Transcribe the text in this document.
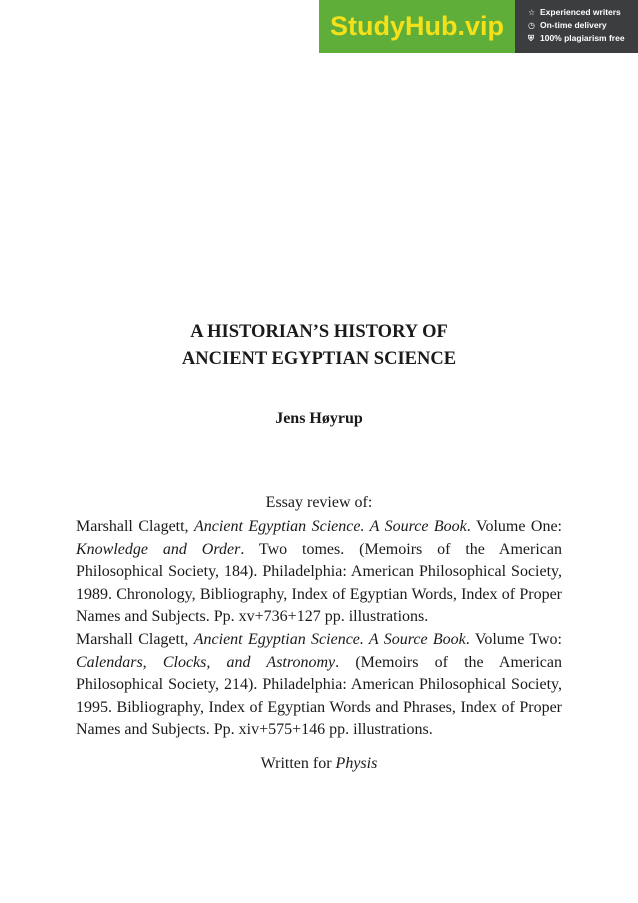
StudyHub.vip	☆ Experienced writers
◷ On-time delivery
⛨ 100% plagiarism free
A HISTORIAN’S HISTORY OF
ANCIENT EGYPTIAN SCIENCE
Jens Høyrup
Essay review of:
Marshall Clagett, Ancient Egyptian Science. A Source Book. Volume One: Knowledge and Order. Two tomes. (Memoirs of the American Philosophical Society, 184). Philadelphia: American Philosophical Society, 1989. Chronology, Bibliography, Index of Egyptian Words, Index of Proper Names and Subjects. Pp. xv+736+127 pp. illustrations.
Marshall Clagett, Ancient Egyptian Science. A Source Book. Volume Two: Calendars, Clocks, and Astronomy. (Memoirs of the American Philosophical Society, 214). Philadelphia: American Philosophical Society, 1995. Bibliography, Index of Egyptian Words and Phrases, Index of Proper Names and Subjects. Pp. xiv+575+146 pp. illustrations.
Written for Physis
